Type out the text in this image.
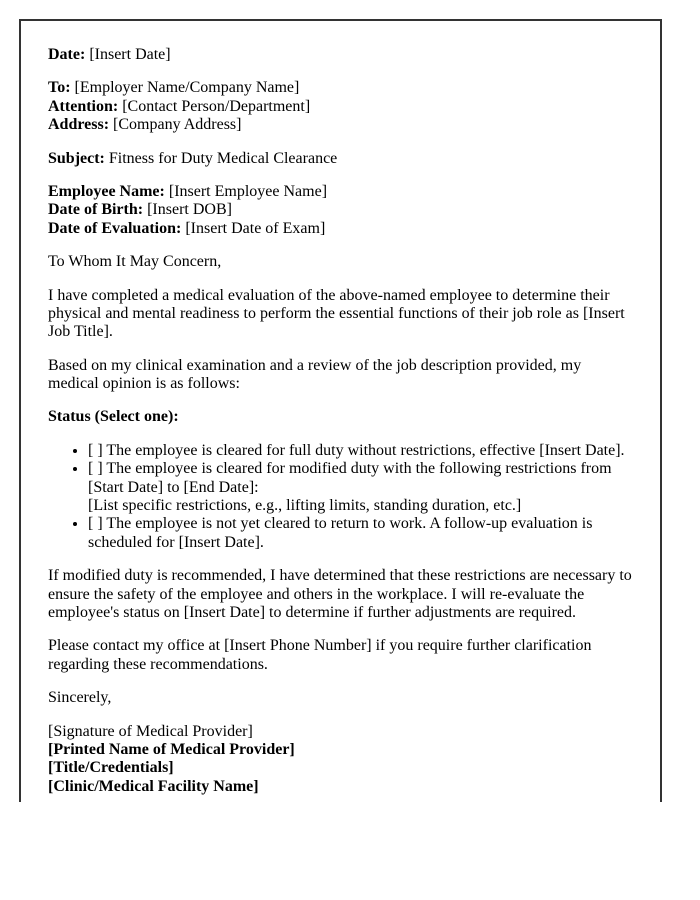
Date: [Insert Date]

To: [Employer Name/Company Name]
Attention: [Contact Person/Department]
Address: [Company Address]

Subject: Fitness for Duty Medical Clearance

Employee Name: [Insert Employee Name]
Date of Birth: [Insert DOB]
Date of Evaluation: [Insert Date of Exam]

To Whom It May Concern,

I have completed a medical evaluation of the above-named employee to determine their physical and mental readiness to perform the essential functions of their job role as [Insert Job Title].

Based on my clinical examination and a review of the job description provided, my medical opinion is as follows:

Status (Select one):

• [ ] The employee is cleared for full duty without restrictions, effective [Insert Date].
• [ ] The employee is cleared for modified duty with the following restrictions from [Start Date] to [End Date]:
[List specific restrictions, e.g., lifting limits, standing duration, etc.]
• [ ] The employee is not yet cleared to return to work. A follow-up evaluation is scheduled for [Insert Date].

If modified duty is recommended, I have determined that these restrictions are necessary to ensure the safety of the employee and others in the workplace. I will re-evaluate the employee's status on [Insert Date] to determine if further adjustments are required.

Please contact my office at [Insert Phone Number] if you require further clarification regarding these recommendations.

Sincerely,

[Signature of Medical Provider]
[Printed Name of Medical Provider]
[Title/Credentials]
[Clinic/Medical Facility Name]
